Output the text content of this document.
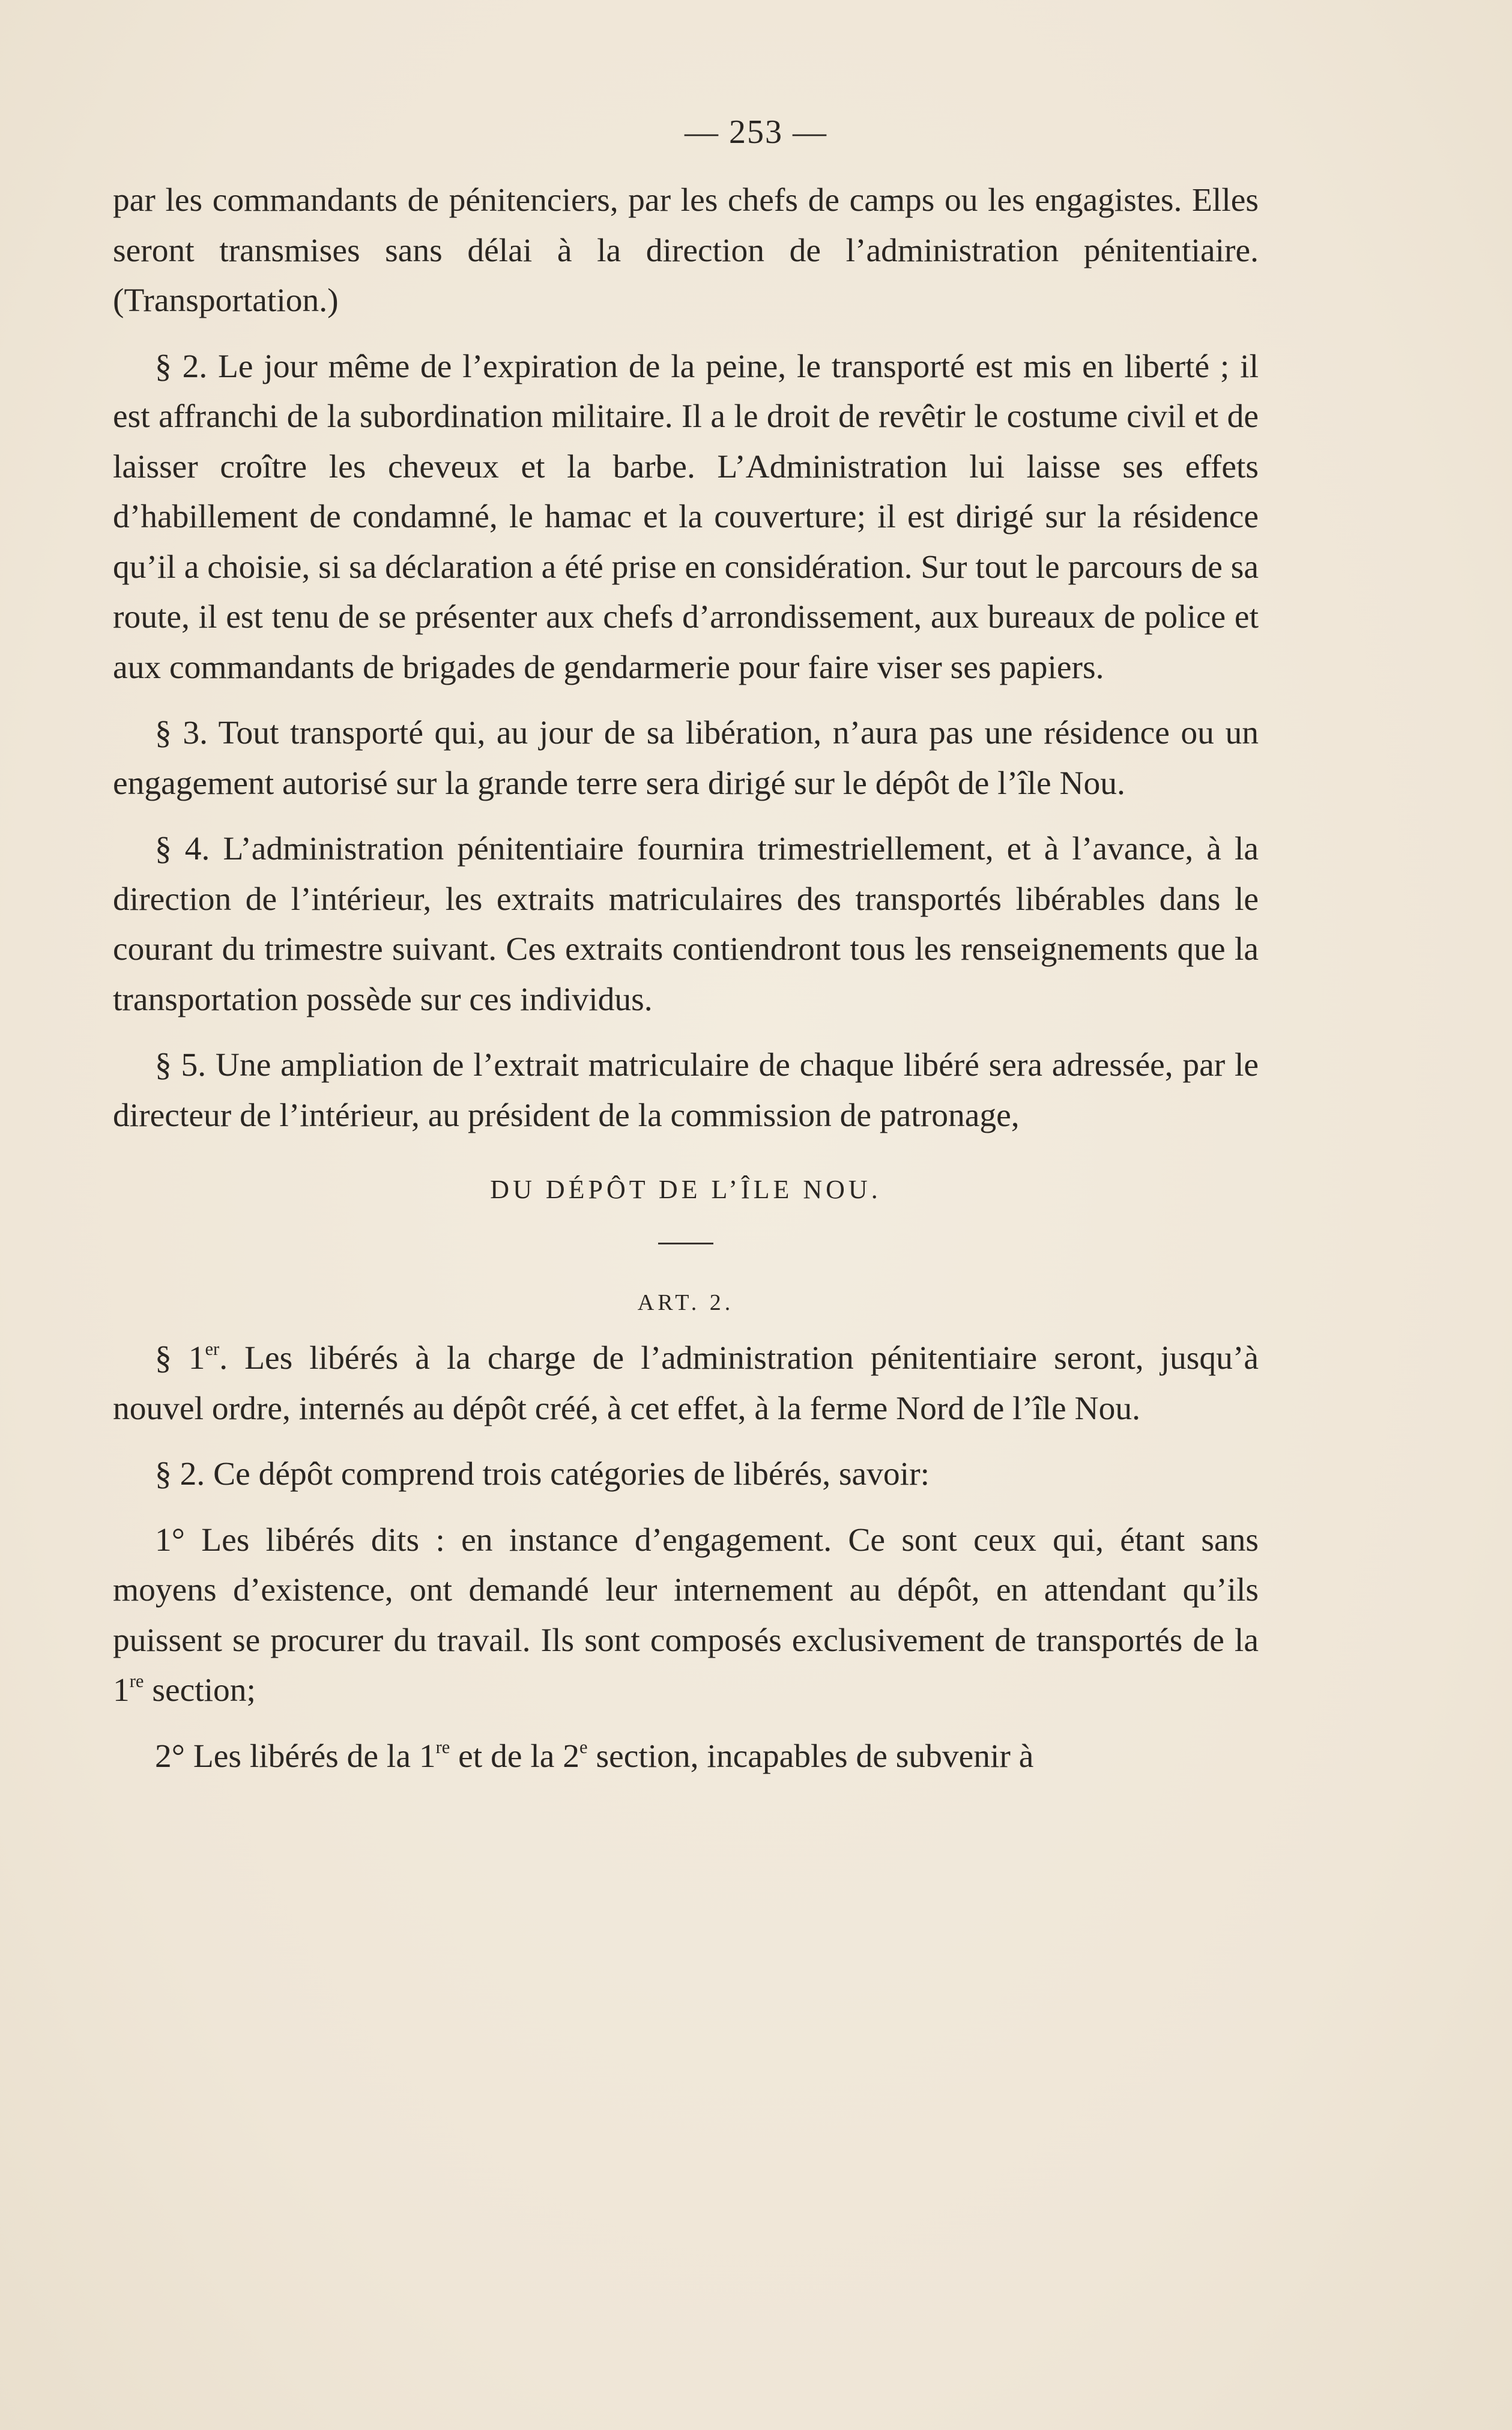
— 253 —

par les commandants de pénitenciers, par les chefs de camps ou les engagistes. Elles seront transmises sans délai à la direction de l’administration pénitentiaire. (Transportation.)

§ 2. Le jour même de l’expiration de la peine, le transporté est mis en liberté ; il est affranchi de la subordination militaire. Il a le droit de revêtir le costume civil et de laisser croître les cheveux et la barbe. L’Administration lui laisse ses effets d’habillement de condamné, le hamac et la couverture; il est dirigé sur la résidence qu’il a choisie, si sa déclaration a été prise en considération. Sur tout le parcours de sa route, il est tenu de se présenter aux chefs d’arrondissement, aux bureaux de police et aux commandants de brigades de gendarmerie pour faire viser ses papiers.

§ 3. Tout transporté qui, au jour de sa libération, n’aura pas une résidence ou un engagement autorisé sur la grande terre sera dirigé sur le dépôt de l’île Nou.

§ 4. L’administration pénitentiaire fournira trimestriellement, et à l’avance, à la direction de l’intérieur, les extraits matriculaires des transportés libérables dans le courant du trimestre suivant. Ces extraits contiendront tous les renseignements que la transportation possède sur ces individus.

§ 5. Une ampliation de l’extrait matriculaire de chaque libéré sera adressée, par le directeur de l’intérieur, au président de la commission de patronage,

DU DÉPÔT DE L’ÎLE NOU.
ART. 2.

§ 1er. Les libérés à la charge de l’administration pénitentiaire seront, jusqu’à nouvel ordre, internés au dépôt créé, à cet effet, à la ferme Nord de l’île Nou.

§ 2. Ce dépôt comprend trois catégories de libérés, savoir:

1° Les libérés dits : en instance d’engagement. Ce sont ceux qui, étant sans moyens d’existence, ont demandé leur internement au dépôt, en attendant qu’ils puissent se procurer du travail. Ils sont composés exclusivement de transportés de la 1re section;

2° Les libérés de la 1re et de la 2e section, incapables de subvenir à
